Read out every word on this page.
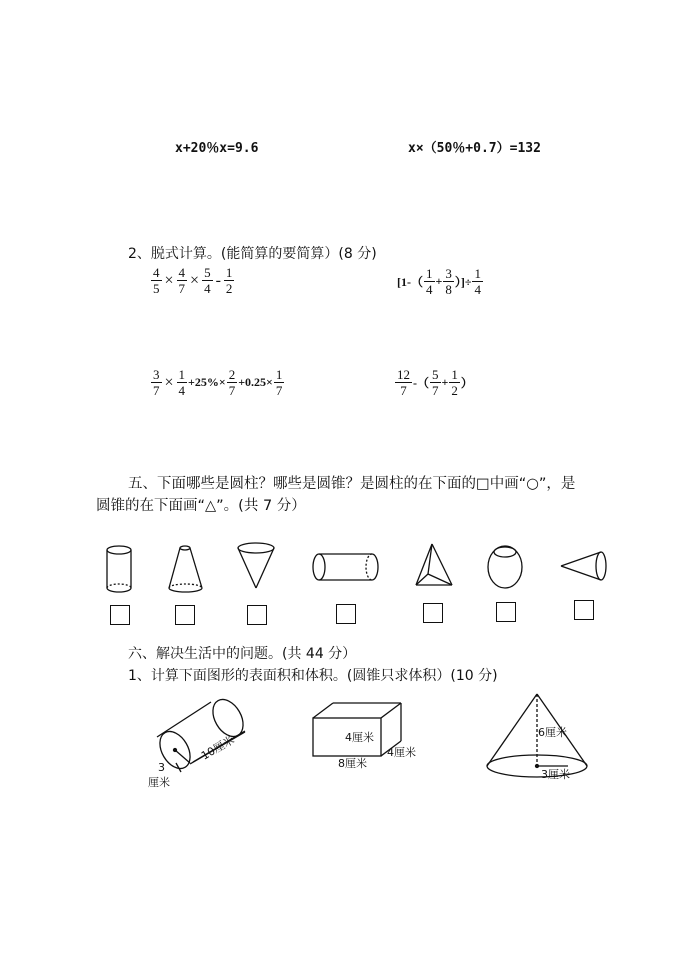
x+20％x=9.6	x×（50％+0.7）=132
2、脱式计算。(能简算的要简算）(8 分)
$\frac{4}{5} \times \frac{4}{7} \times \frac{5}{4} - \frac{1}{2}$	[$1-( \frac{1}{4} + \frac{3}{8}$ ）]÷ $\frac{1}{4}$
$\frac{3}{7} \times \frac{1}{4} +25\%\times \frac{2}{7} +0.25\times \frac{1}{7}$	$\frac{12}{7}$ -（ $\frac{5}{7} + \frac{1}{2}$ ）
五、下面哪些是圆柱？哪些是圆锥？是圆柱的在下面的□中画“○”，是
圆锥的在下面画“△”。(共 7 分）
六、解决生活中的问题。(共 44 分）
1、计算下面图形的表面积和体积。(圆锥只求体积）(10 分)
10厘米
3
厘米
4厘米
4厘米
8厘米
6厘米
3厘米
